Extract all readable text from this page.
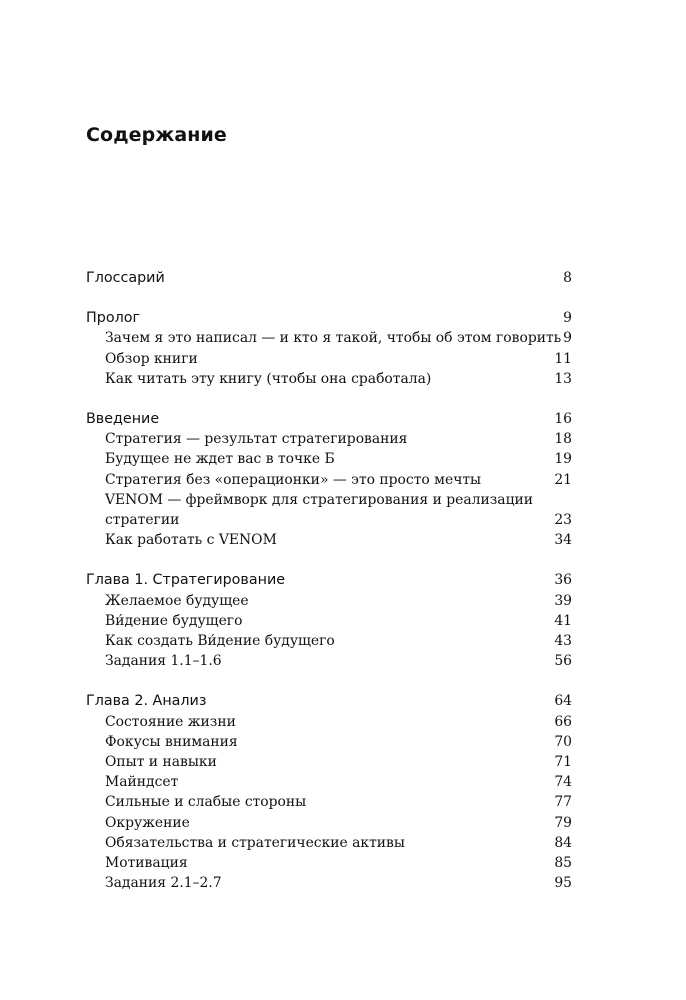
Содержание
Глоссарий	8
Пролог	9
Зачем я это написал — и кто я такой, чтобы об этом говорить 9
Обзор книги	11
Как читать эту книгу (чтобы она сработала)	13
Введение	16
Стратегия — результат стратегирования	18
Будущее не ждет вас в точке Б	19
Стратегия без «операционки» — это просто мечты	21
VENOM — фреймворк для стратегирования и реализации
стратегии	23
Как работать с VENOM	34
Глава 1. Стратегирование	36
Желаемое будущее	39
Ви́дение будущего	41
Как создать Ви́дение будущего	43
Задания 1.1–1.6	56
Глава 2. Анализ	64
Состояние жизни	66
Фокусы внимания	70
Опыт и навыки	71
Майндсет	74
Сильные и слабые стороны	77
Окружение	79
Обязательства и стратегические активы	84
Мотивация	85
Задания 2.1–2.7	95
